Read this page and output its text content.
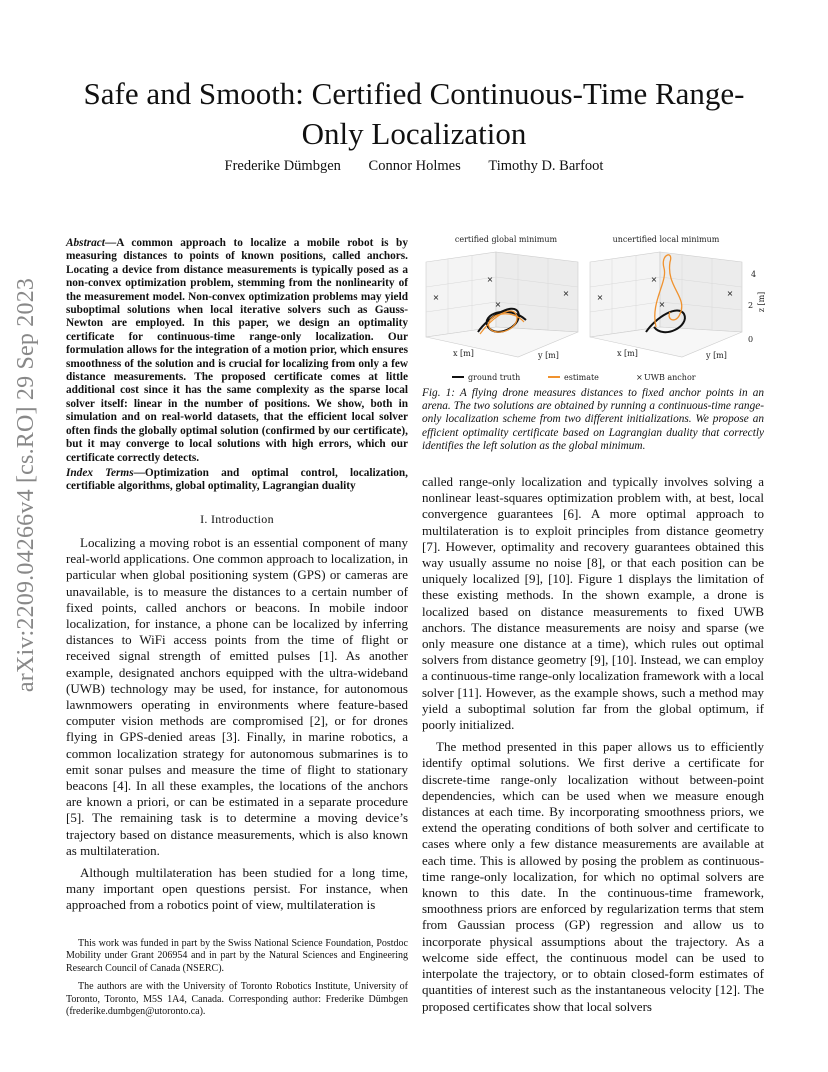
Safe and Smooth: Certified Continuous-Time Range-Only Localization
Frederike Dümbgen Connor Holmes Timothy D. Barfoot
arXiv:2209.04266v4 [cs.RO] 29 Sep 2023
Abstract—A common approach to localize a mobile robot is by measuring distances to points of known positions, called anchors. Locating a device from distance measurements is typically posed as a non-convex optimization problem, stemming from the nonlinearity of the measurement model. Non-convex optimization problems may yield suboptimal solutions when local iterative solvers such as Gauss-Newton are employed. In this paper, we design an optimality certificate for continuous-time range-only localization. Our formulation allows for the integration of a motion prior, which ensures smoothness of the solution and is crucial for localizing from only a few distance measurements. The proposed certificate comes at little additional cost since it has the same complexity as the sparse local solver itself: linear in the number of positions. We show, both in simulation and on real-world datasets, that the efficient local solver often finds the globally optimal solution (confirmed by our certificate), but it may converge to local solutions with high errors, which our certificate correctly detects.
Index Terms—Optimization and optimal control, localization, certifiable algorithms, global optimality, Lagrangian duality
I. Introduction

Localizing a moving robot is an essential component of many real-world applications. One common approach to localization, in particular when global positioning system (GPS) or cameras are unavailable, is to measure the distances to a certain number of fixed points, called anchors or beacons. In mobile indoor localization, for instance, a phone can be localized by inferring distances to WiFi access points from the time of flight or received signal strength of emitted pulses [1]. As another example, designated anchors equipped with the ultra-wideband (UWB) technology may be used, for instance, for autonomous lawnmowers operating in environments where feature-based computer vision methods are compromised [2], or for drones flying in GPS-denied areas [3]. Finally, in marine robotics, a common localization strategy for autonomous submarines is to emit sonar pulses and measure the time of flight to stationary beacons [4]. In all these examples, the locations of the anchors are known a priori, or can be estimated in a separate procedure [5]. The remaining task is to determine a moving device’s trajectory based on distance measurements, which is also known as multilateration.

Although multilateration has been studied for a long time, many important open questions persist. For instance, when approached from a robotics point of view, multilateration is

This work was funded in part by the Swiss National Science Foundation, Postdoc Mobility under Grant 206954 and in part by the Natural Sciences and Engineering Research Council of Canada (NSERC).

The authors are with the University of Toronto Robotics Institute, University of Toronto, Toronto, M5S 1A4, Canada. Corresponding author: Frederike Dümbgen (frederike.dumbgen@utoronto.ca).

certified global minimum	uncertified local minimum
×
×
×
×
×
×
×
×
x [m]	y [m]	x [m]	y [m]
4
2
0
z [m]
ground truth	estimate	× UWB anchor
Fig. 1: A flying drone measures distances to fixed anchor points in an arena. The two solutions are obtained by running a continuous-time range-only localization scheme from two different initializations. We propose an efficient optimality certificate based on Lagrangian duality that correctly identifies the left solution as the global minimum.

called range-only localization and typically involves solving a nonlinear least-squares optimization problem with, at best, local convergence guarantees [6]. A more optimal approach to multilateration is to exploit principles from distance geometry [7]. However, optimality and recovery guarantees obtained this way usually assume no noise [8], or that each position can be uniquely localized [9], [10]. Figure 1 displays the limitation of these existing methods. In the shown example, a drone is localized based on distance measurements to fixed UWB anchors. The distance measurements are noisy and sparse (we only measure one distance at a time), which rules out optimal solvers from distance geometry [9], [10]. Instead, we can employ a continuous-time range-only localization framework with a local solver [11]. However, as the example shows, such a method may yield a suboptimal solution far from the global optimum, if poorly initialized.

The method presented in this paper allows us to efficiently identify optimal solutions. We first derive a certificate for discrete-time range-only localization without between-point dependencies, which can be used when we measure enough distances at each time. By incorporating smoothness priors, we extend the operating conditions of both solver and certificate to cases where only a few distance measurements are available at each time. This is allowed by posing the problem as continuous-time range-only localization, for which no optimal solvers are known to this date. In the continuous-time framework, smoothness priors are enforced by regularization terms that stem from Gaussian process (GP) regression and allow us to incorporate physical assumptions about the trajectory. As a welcome side effect, the continuous model can be used to interpolate the trajectory, or to obtain closed-form estimates of quantities of interest such as the instantaneous velocity [12]. The proposed certificates show that local solvers
